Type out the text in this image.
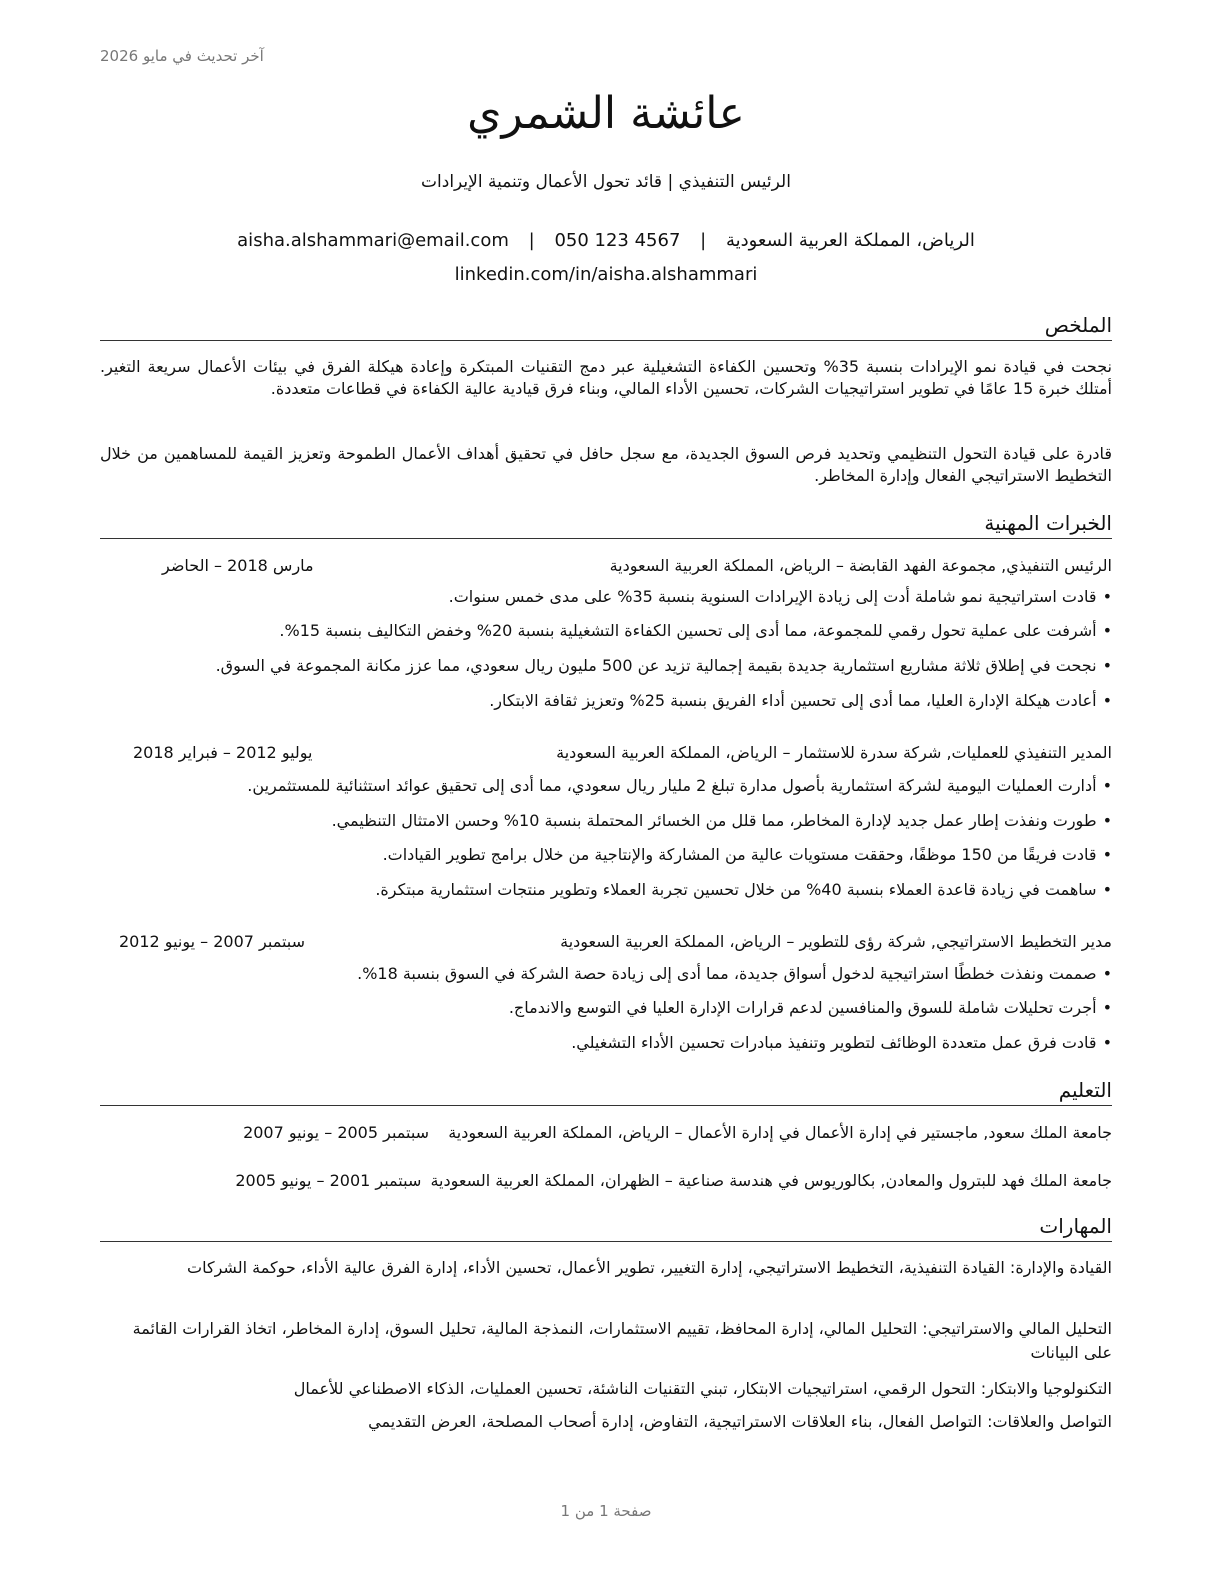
آخر تحديث في مايو 2026
عائشة الشمري
الرئيس التنفيذي | قائد تحول الأعمال وتنمية الإيرادات
الرياض، المملكة العربية السعودية | aisha.alshammari@email.com | 050 123 4567
linkedin.com/in/aisha.alshammari
الملخص
نجحت في قيادة نمو الإيرادات بنسبة 35% وتحسين الكفاءة التشغيلية عبر دمج التقنيات المبتكرة وإعادة هيكلة الفرق في بيئات الأعمال سريعة التغير. أمتلك خبرة 15 عامًا في تطوير استراتيجيات الشركات، تحسين الأداء المالي، وبناء فرق قيادية عالية الكفاءة في قطاعات متعددة.
قادرة على قيادة التحول التنظيمي وتحديد فرص السوق الجديدة، مع سجل حافل في تحقيق أهداف الأعمال الطموحة وتعزيز القيمة للمساهمين من خلال التخطيط الاستراتيجي الفعال وإدارة المخاطر.
الخبرات المهنية
الرئيس التنفيذي, مجموعة الفهد القابضة – الرياض، المملكة العربية السعودية
مارس 2018 – الحاضر
• قادت استراتيجية نمو شاملة أدت إلى زيادة الإيرادات السنوية بنسبة 35% على مدى خمس سنوات.
• أشرفت على عملية تحول رقمي للمجموعة، مما أدى إلى تحسين الكفاءة التشغيلية بنسبة 20% وخفض التكاليف بنسبة 15%.
• نجحت في إطلاق ثلاثة مشاريع استثمارية جديدة بقيمة إجمالية تزيد عن 500 مليون ريال سعودي، مما عزز مكانة المجموعة في السوق.
• أعادت هيكلة الإدارة العليا، مما أدى إلى تحسين أداء الفريق بنسبة 25% وتعزيز ثقافة الابتكار.
المدير التنفيذي للعمليات, شركة سدرة للاستثمار – الرياض، المملكة العربية السعودية
يوليو 2012 – فبراير 2018
• أدارت العمليات اليومية لشركة استثمارية بأصول مدارة تبلغ 2 مليار ريال سعودي، مما أدى إلى تحقيق عوائد استثنائية للمستثمرين.
• طورت ونفذت إطار عمل جديد لإدارة المخاطر، مما قلل من الخسائر المحتملة بنسبة 10% وحسن الامتثال التنظيمي.
• قادت فريقًا من 150 موظفًا، وحققت مستويات عالية من المشاركة والإنتاجية من خلال برامج تطوير القيادات.
• ساهمت في زيادة قاعدة العملاء بنسبة 40% من خلال تحسين تجربة العملاء وتطوير منتجات استثمارية مبتكرة.
مدير التخطيط الاستراتيجي, شركة رؤى للتطوير – الرياض، المملكة العربية السعودية
سبتمبر 2007 – يونيو 2012
• صممت ونفذت خططًا استراتيجية لدخول أسواق جديدة، مما أدى إلى زيادة حصة الشركة في السوق بنسبة 18%.
• أجرت تحليلات شاملة للسوق والمنافسين لدعم قرارات الإدارة العليا في التوسع والاندماج.
• قادت فرق عمل متعددة الوظائف لتطوير وتنفيذ مبادرات تحسين الأداء التشغيلي.
التعليم
جامعة الملك سعود, ماجستير في إدارة الأعمال في إدارة الأعمال – الرياض، المملكة العربية السعودية سبتمبر 2005 – يونيو 2007
جامعة الملك فهد للبترول والمعادن, بكالوريوس في هندسة صناعية – الظهران، المملكة العربية السعودية سبتمبر 2001 – يونيو 2005
المهارات
القيادة والإدارة: القيادة التنفيذية، التخطيط الاستراتيجي، إدارة التغيير، تطوير الأعمال، تحسين الأداء، إدارة الفرق عالية الأداء، حوكمة الشركات
التحليل المالي والاستراتيجي: التحليل المالي، إدارة المحافظ، تقييم الاستثمارات، النمذجة المالية، تحليل السوق، إدارة المخاطر، اتخاذ القرارات القائمة على البيانات
التكنولوجيا والابتكار: التحول الرقمي، استراتيجيات الابتكار، تبني التقنيات الناشئة، تحسين العمليات، الذكاء الاصطناعي للأعمال
التواصل والعلاقات: التواصل الفعال، بناء العلاقات الاستراتيجية، التفاوض، إدارة أصحاب المصلحة، العرض التقديمي
صفحة 1 من 1
